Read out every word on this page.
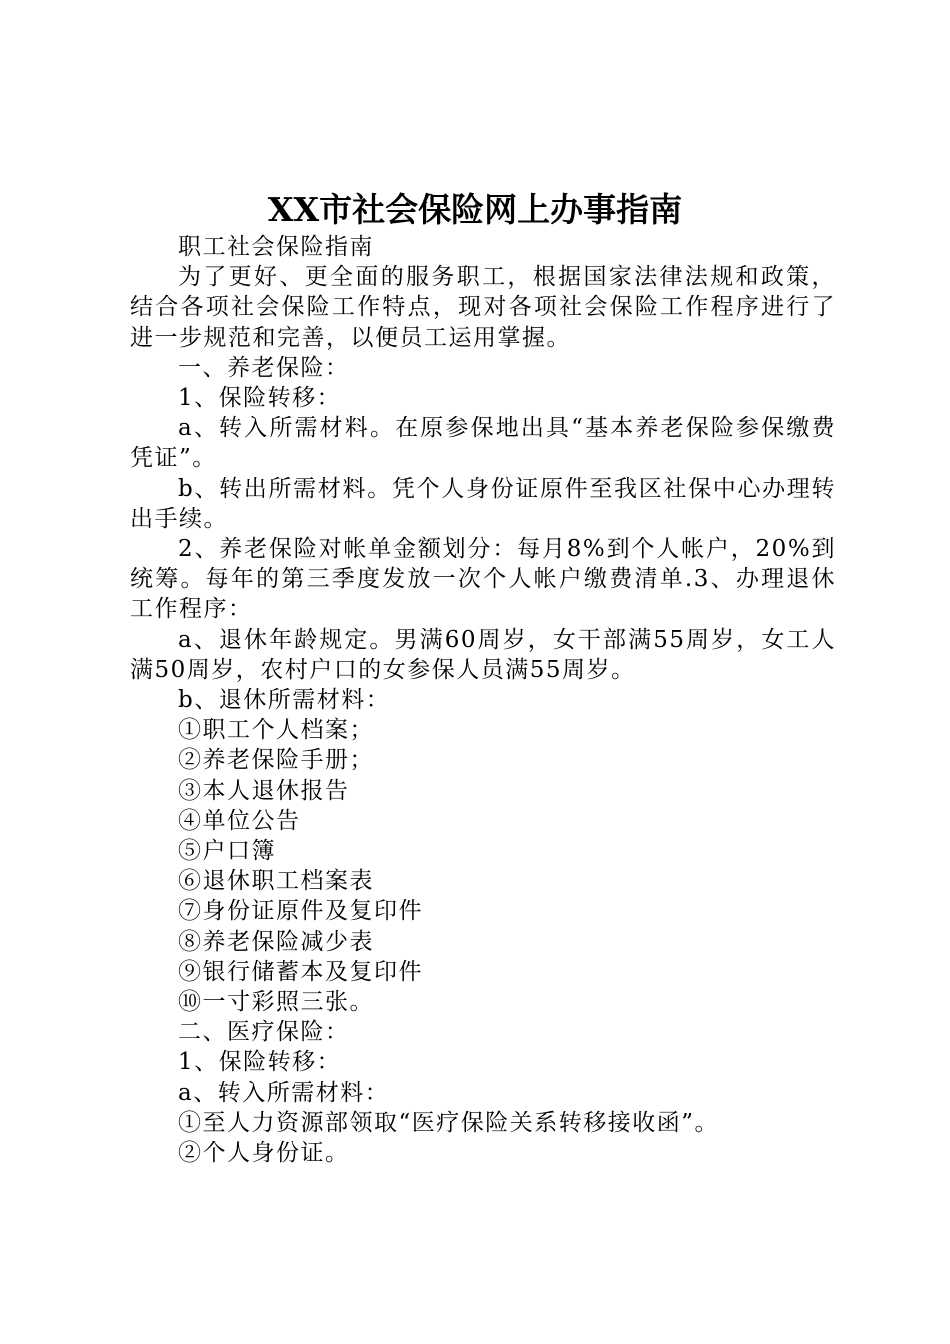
XX市社会保险网上办事指南

职工社会保险指南

为了更好、更全面的服务职工，根据国家法律法规和政策，结合各项社会保险工作特点，现对各项社会保险工作程序进行了进一步规范和完善，以便员工运用掌握。

一、养老保险：

1、保险转移：

a、转入所需材料。在原参保地出具“基本养老保险参保缴费凭证”。

b、转出所需材料。凭个人身份证原件至我区社保中心办理转出手续。

2、养老保险对帐单金额划分：每月8%到个人帐户，20%到统筹。每年的第三季度发放一次个人帐户缴费清单.3、办理退休工作程序：

a、退休年龄规定。男满60周岁，女干部满55周岁，女工人满50周岁，农村户口的女参保人员满55周岁。

b、退休所需材料：

①职工个人档案；
②养老保险手册；
③本人退休报告
④单位公告
⑤户口簿
⑥退休职工档案表
⑦身份证原件及复印件
⑧养老保险减少表
⑨银行储蓄本及复印件
⑩一寸彩照三张。

二、医疗保险：

1、保险转移：

a、转入所需材料：

①至人力资源部领取“医疗保险关系转移接收函”。
②个人身份证。
